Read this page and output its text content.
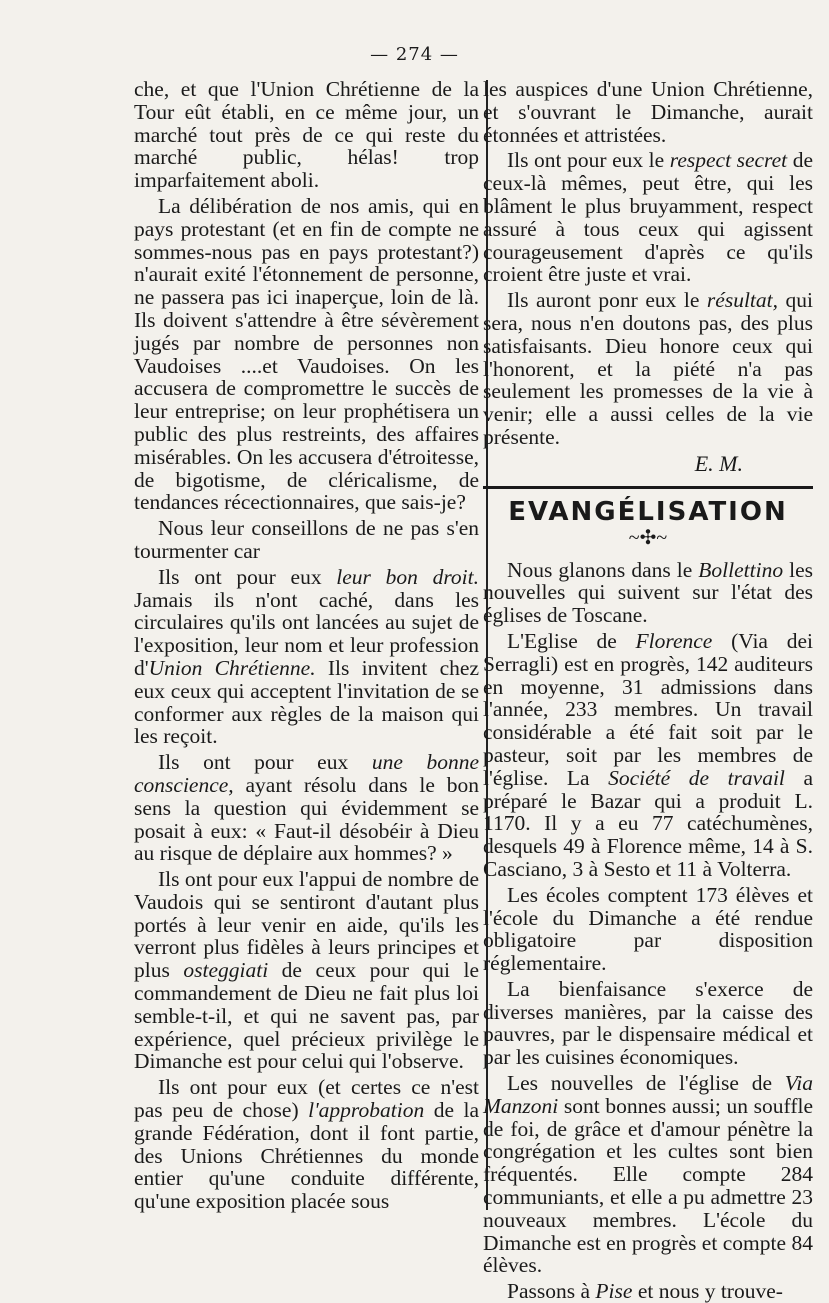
— 274 —

che, et que l'Union Chrétienne de la Tour eût établi, en ce même jour, un marché tout près de ce qui reste du marché public, hélas! trop imparfaitement aboli.

La délibération de nos amis, qui en pays protestant (et en fin de compte ne sommes-nous pas en pays protestant?) n'aurait exité l'étonnement de personne, ne passera pas ici inaperçue, loin de là. Ils doivent s'attendre à être sévèrement jugés par nombre de personnes non Vaudoises ....et Vaudoises. On les accusera de compromettre le succès de leur entreprise; on leur prophétisera un public des plus restreints, des affaires misérables. On les accusera d'étroitesse, de bigotisme, de cléricalisme, de tendances récectionnaires, que sais-je?

Nous leur conseillons de ne pas s'en tourmenter car

Ils ont pour eux leur bon droit. Jamais ils n'ont caché, dans les circulaires qu'ils ont lancées au sujet de l'exposition, leur nom et leur profession d'Union Chrétienne. Ils invitent chez eux ceux qui acceptent l'invitation de se conformer aux règles de la maison qui les reçoit.

Ils ont pour eux une bonne conscience, ayant résolu dans le bon sens la question qui évidemment se posait à eux: « Faut-il désobéir à Dieu au risque de déplaire aux hommes? »

Ils ont pour eux l'appui de nombre de Vaudois qui se sentiront d'autant plus portés à leur venir en aide, qu'ils les verront plus fidèles à leurs principes et plus osteggiati de ceux pour qui le commandement de Dieu ne fait plus loi semble-t-il, et qui ne savent pas, par expérience, quel précieux privilège le Dimanche est pour celui qui l'observe.

Ils ont pour eux (et certes ce n'est pas peu de chose) l'approbation de la grande Fédération, dont il font partie, des Unions Chrétiennes du monde entier qu'une conduite différente, qu'une exposition placée sous

les auspices d'une Union Chrétienne, et s'ouvrant le Dimanche, aurait étonnées et attristées.

Ils ont pour eux le respect secret de ceux-là mêmes, peut être, qui les blâment le plus bruyamment, respect assuré à tous ceux qui agissent courageusement d'après ce qu'ils croient être juste et vrai.

Ils auront ponr eux le résultat, qui sera, nous n'en doutons pas, des plus satisfaisants. Dieu honore ceux qui l'honorent, et la piété n'a pas seulement les promesses de la vie à venir; elle a aussi celles de la vie présente.

E. M.
EVANGÉLISATION
~✣~

Nous glanons dans le Bollettino les nouvelles qui suivent sur l'état des églises de Toscane.

L'Eglise de Florence (Via dei Serragli) est en progrès, 142 auditeurs en moyenne, 31 admissions dans l'année, 233 membres. Un travail considérable a été fait soit par le pasteur, soit par les membres de l'église. La Société de travail a préparé le Bazar qui a produit L. 1170. Il y a eu 77 catéchumènes, desquels 49 à Florence même, 14 à S. Casciano, 3 à Sesto et 11 à Volterra.

Les écoles comptent 173 élèves et l'école du Dimanche a été rendue obligatoire par disposition réglementaire.

La bienfaisance s'exerce de diverses manières, par la caisse des pauvres, par le dispensaire médical et par les cuisines économiques.

Les nouvelles de l'église de Via Manzoni sont bonnes aussi; un souffle de foi, de grâce et d'amour pénètre la congrégation et les cultes sont bien fréquentés. Elle compte 284 communiants, et elle a pu admettre 23 nouveaux membres. L'école du Dimanche est en progrès et compte 84 élèves.

Passons à Pise et nous y trouve-
